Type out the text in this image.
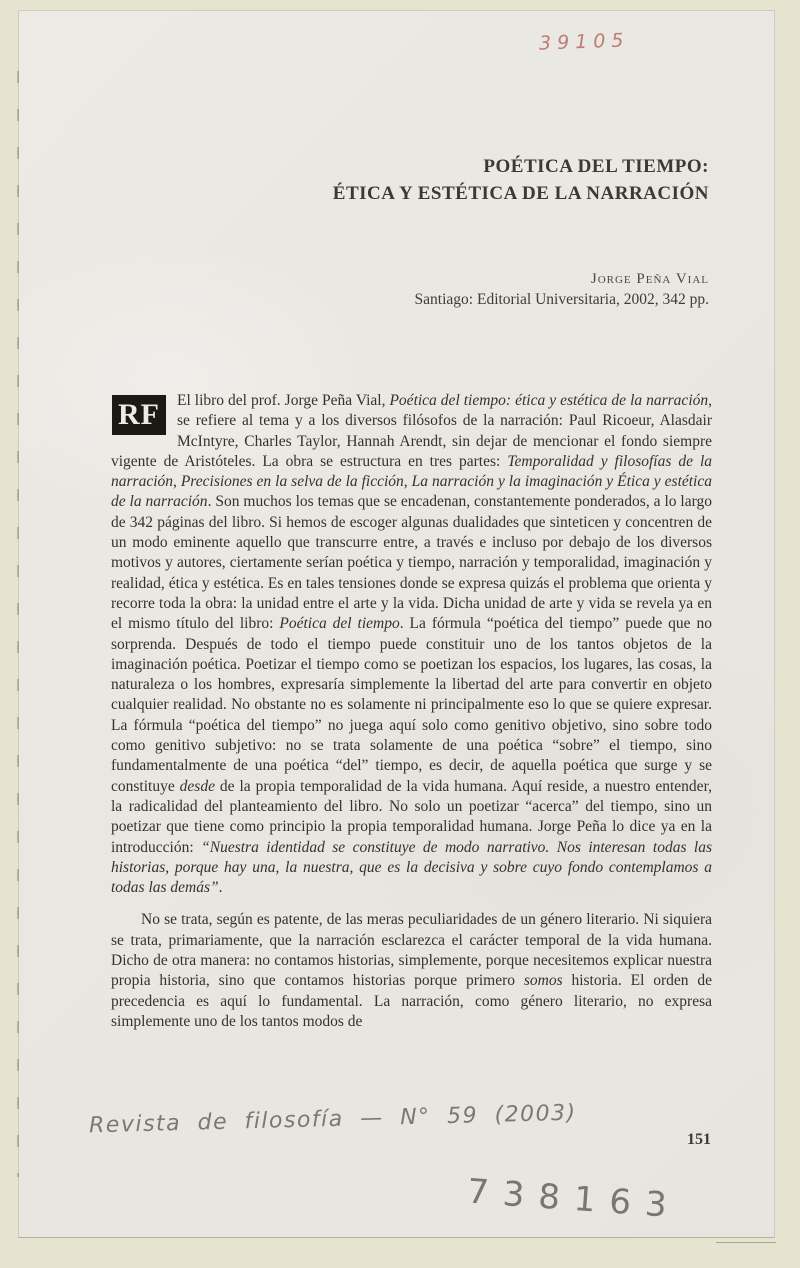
39105
POÉTICA DEL TIEMPO:
ÉTICA Y ESTÉTICA DE LA NARRACIÓN
Jorge Peña Vial
Santiago: Editorial Universitaria, 2002, 342 pp.

RF	El libro del prof. Jorge Peña Vial, Poética del tiempo: ética y estética de la narración, se refiere al tema y a los diversos filósofos de la narración: Paul Ricoeur, Alasdair McIntyre, Charles Taylor, Hannah Arendt, sin dejar de mencionar el fondo siempre vigente de Aristóteles. La obra se estructura en tres partes: Temporalidad y filosofías de la narración, Precisiones en la selva de la ficción, La narración y la imaginación y Ética y estética de la narración. Son muchos los temas que se encadenan, constantemente ponderados, a lo largo de 342 páginas del libro. Si hemos de escoger algunas dualidades que sinteticen y concentren de un modo eminente aquello que transcurre entre, a través e incluso por debajo de los diversos motivos y autores, ciertamente serían poética y tiempo, narración y temporalidad, imaginación y realidad, ética y estética. Es en tales tensiones donde se expresa quizás el problema que orienta y recorre toda la obra: la unidad entre el arte y la vida. Dicha unidad de arte y vida se revela ya en el mismo título del libro: Poética del tiempo. La fórmula “poética del tiempo” puede que no sorprenda. Después de todo el tiempo puede constituir uno de los tantos objetos de la imaginación poética. Poetizar el tiempo como se poetizan los espacios, los lugares, las cosas, la naturaleza o los hombres, expresaría simplemente la libertad del arte para convertir en objeto cualquier realidad. No obstante no es solamente ni principalmente eso lo que se quiere expresar. La fórmula “poética del tiempo” no juega aquí solo como genitivo objetivo, sino sobre todo como genitivo subjetivo: no se trata solamente de una poética “sobre” el tiempo, sino fundamentalmente de una poética “del” tiempo, es decir, de aquella poética que surge y se constituye desde de la propia temporalidad de la vida humana. Aquí reside, a nuestro entender, la radicalidad del planteamiento del libro. No solo un poetizar “acerca” del tiempo, sino un poetizar que tiene como principio la propia temporalidad humana. Jorge Peña lo dice ya en la introducción: “Nuestra identidad se constituye de modo narrativo. Nos interesan todas las historias, porque hay una, la nuestra, que es la decisiva y sobre cuyo fondo contemplamos a todas las demás”.

No se trata, según es patente, de las meras peculiaridades de un género literario. Ni siquiera se trata, primariamente, que la narración esclarezca el carácter temporal de la vida humana. Dicho de otra manera: no contamos historias, simplemente, porque necesitemos explicar nuestra propia historia, sino que contamos historias porque primero somos historia. El orden de precedencia es aquí lo fundamental. La narración, como género literario, no expresa simplemente uno de los tantos modos de

Revista de filosofía — N° 59 (2003)
151
738163
